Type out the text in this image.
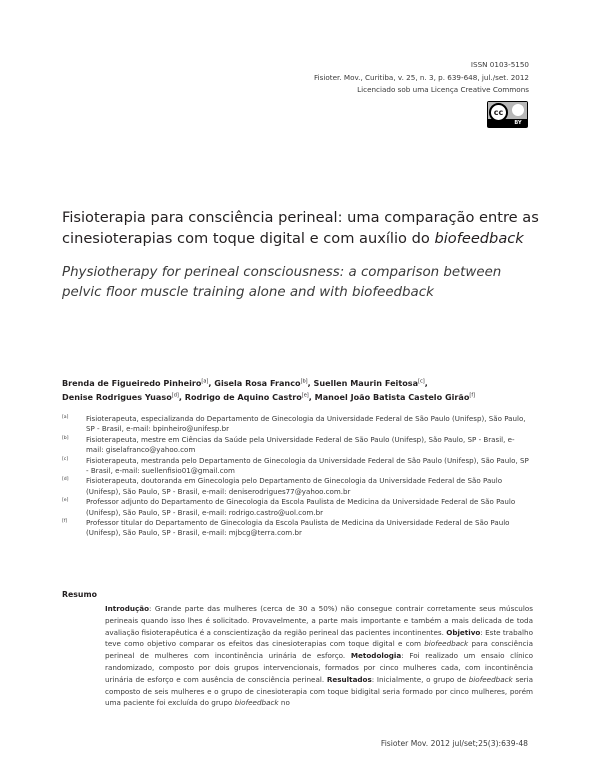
ISSN 0103-5150
Fisioter. Mov., Curitiba, v. 25, n. 3, p. 639-648, jul./set. 2012
Licenciado sob uma Licença Creative Commons
cc
BY
Fisioterapia para consciência perineal: uma comparação entre as cinesioterapias com toque digital e com auxílio do biofeedback
Physiotherapy for perineal consciousness: a comparison between pelvic floor muscle training alone and with biofeedback
Brenda de Figueiredo Pinheiro[a], Gisela Rosa Franco[b], Suellen Maurin Feitosa[c],
Denise Rodrigues Yuaso[d], Rodrigo de Aquino Castro[e], Manoel João Batista Castelo Girão[f]
[a] Fisioterapeuta, especializanda do Departamento de Ginecologia da Universidade Federal de São Paulo (Unifesp), São Paulo, SP - Brasil, e-mail: bpinheiro@unifesp.br
[b] Fisioterapeuta, mestre em Ciências da Saúde pela Universidade Federal de São Paulo (Unifesp), São Paulo, SP - Brasil, e-mail: giselafranco@yahoo.com
[c]	Fisioterapeuta, mestranda pelo Departamento de Ginecologia da Universidade Federal de São Paulo (Unifesp), São Paulo, SP - Brasil, e-mail: suellenfisio01@gmail.com
[d] Fisioterapeuta, doutoranda em Ginecologia pelo Departamento de Ginecologia da Universidade Federal de São Paulo (Unifesp), São Paulo, SP - Brasil, e-mail: deniserodrigues77@yahoo.com.br
[e] Professor adjunto do Departamento de Ginecologia da Escola Paulista de Medicina da Universidade Federal de São Paulo (Unifesp), São Paulo, SP - Brasil, e-mail: rodrigo.castro@uol.com.br
[f]	Professor titular do Departamento de Ginecologia da Escola Paulista de Medicina da Universidade Federal de São Paulo (Unifesp), São Paulo, SP - Brasil, e-mail: mjbcg@terra.com.br
Resumo
Introdução: Grande parte das mulheres (cerca de 30 a 50%) não consegue contrair corretamente seus músculos perineais quando isso lhes é solicitado. Provavelmente, a parte mais importante e também a mais delicada de toda avaliação fisioterapêutica é a conscientização da região perineal das pacientes incontinentes. Objetivo: Este trabalho teve como objetivo comparar os efeitos das cinesioterapias com toque digital e com biofeedback para consciência perineal de mulheres com incontinência urinária de esforço. Metodologia: Foi realizado um ensaio clínico randomizado, composto por dois grupos intervencionais, formados por cinco mulheres cada, com incontinência urinária de esforço e com ausência de consciência perineal. Resultados: Inicialmente, o grupo de biofeedback seria composto de seis mulheres e o grupo de cinesioterapia com toque bidigital seria formado por cinco mulheres, porém uma paciente foi excluída do grupo biofeedback no
Fisioter Mov. 2012 jul/set;25(3):639-48
